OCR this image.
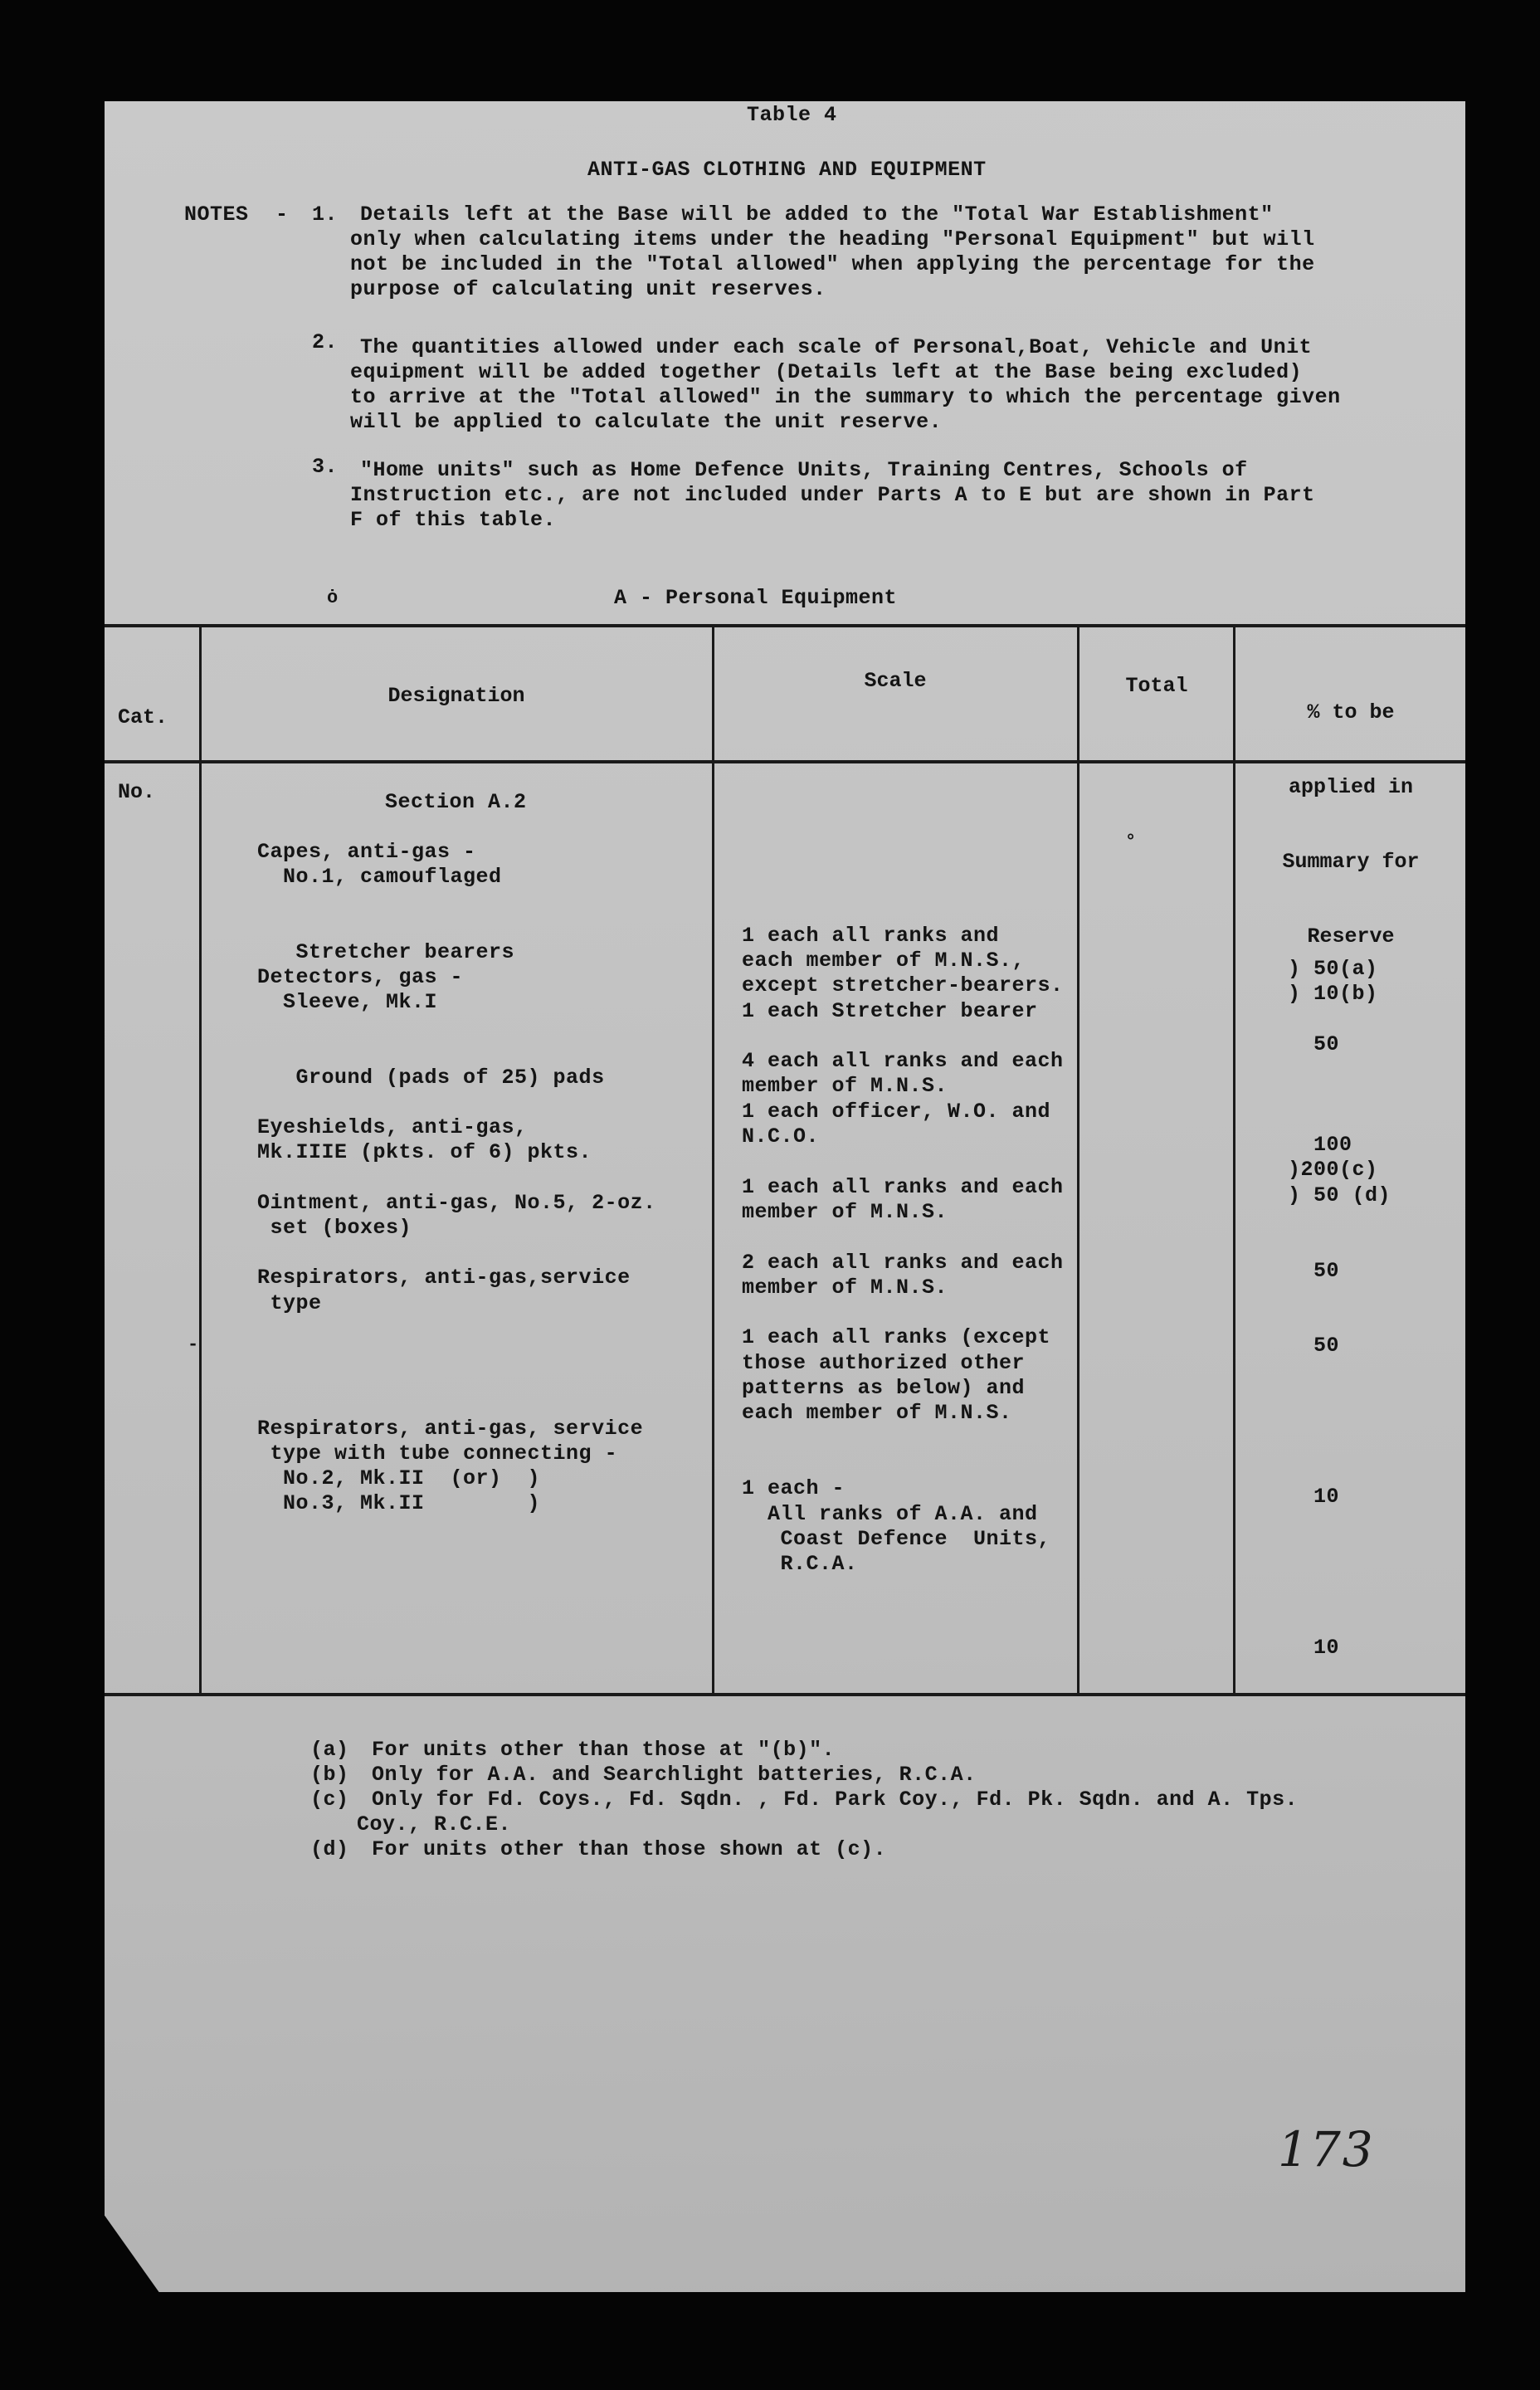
Table 4
ANTI-GAS CLOTHING AND EQUIPMENT
NOTES - 1. Details left at the Base will be added to the "Total War Establishment"
only when calculating items under the heading "Personal Equipment" but will
not be included in the "Total allowed" when applying the percentage for the
purpose of calculating unit reserves.
2. The quantities allowed under each scale of Personal,Boat, Vehicle and Unit
equipment will be added together (Details left at the Base being excluded)
to arrive at the "Total allowed" in the summary to which the percentage given
will be applied to calculate the unit reserve.
3. "Home units" such as Home Defence Units, Training Centres, Schools of
Instruction etc., are not included under Parts A to E but are shown in Part
F of this table.
ȯ	A - Personal Equipment

Cat.

No.

Designation
Scale	Total

% to be

applied in

Summary for

Reserve

Section A.2
Capes, anti-gas -
No.1, camouflaged
Stretcher bearers
Detectors, gas -
Sleeve, Mk.I
Ground (pads of 25) pads
Eyeshields, anti-gas,
Mk.IIIE (pkts. of 6) pkts.
Ointment, anti-gas, No.5, 2-oz.
set (boxes)
Respirators, anti-gas,service
type
Respirators, anti-gas, service
type with tube connecting -
No.2, Mk.II  (or)  )
No.3, Mk.II        )
1 each all ranks and
each member of M.N.S.,
except stretcher-bearers.
1 each Stretcher bearer
4 each all ranks and each
member of M.N.S.
1 each officer, W.O. and
N.C.O.
1 each all ranks and each
member of M.N.S.
2 each all ranks and each
member of M.N.S.
1 each all ranks (except
those authorized other
patterns as below) and
each member of M.N.S.
1 each -
All ranks of A.A. and
Coast Defence  Units,
R.C.A.
) 50(a)
) 10(b)
50
100
)200(c)
) 50 (d)
50
50
10
10
°
-
(a) For units other than those at "(b)".
(b) Only for A.A. and Searchlight batteries, R.C.A.
(c) Only for Fd. Coys., Fd. Sqdn. , Fd. Park Coy., Fd. Pk. Sqdn. and A. Tps.
Coy., R.C.E.
(d) For units other than those shown at (c).
173
